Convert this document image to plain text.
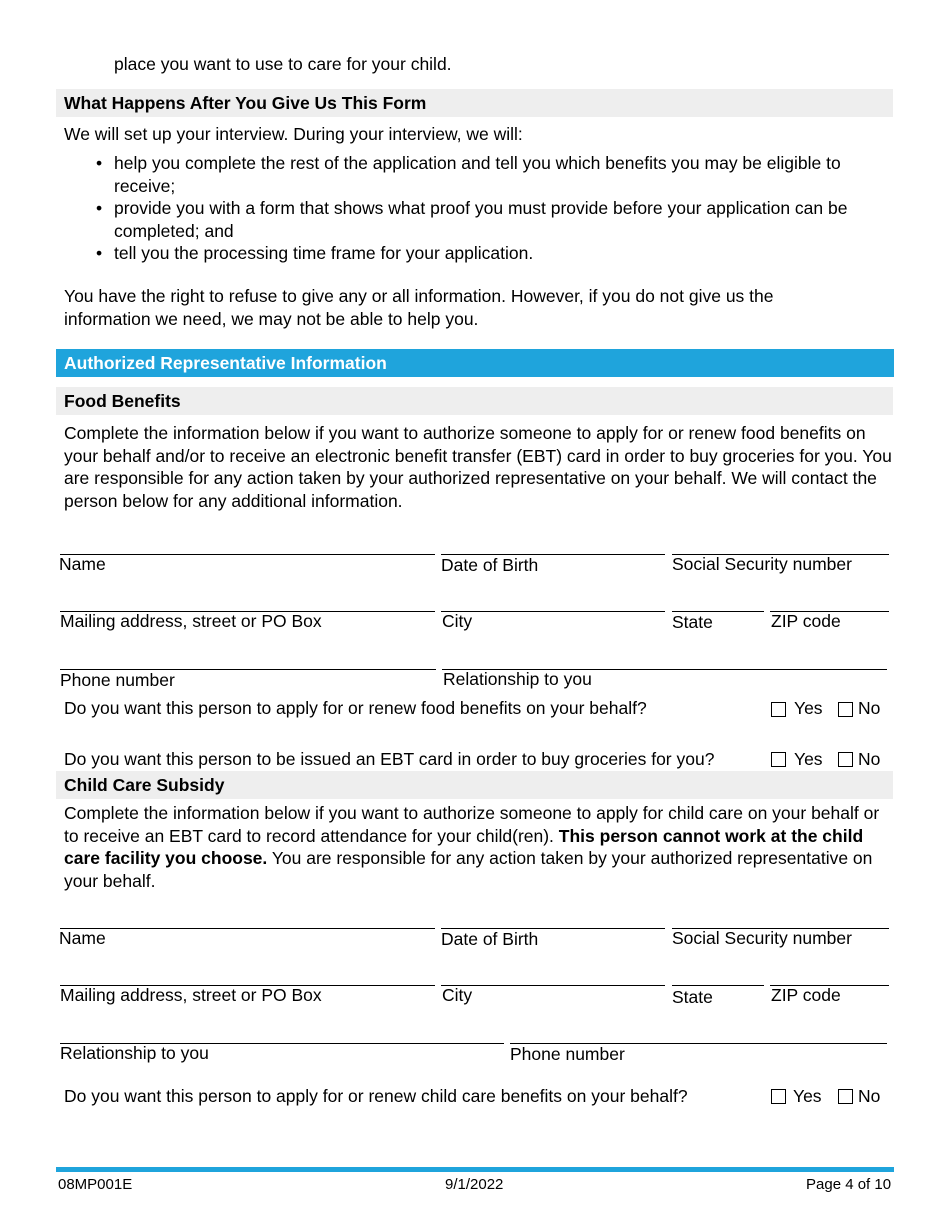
place you want to use to care for your child.
What Happens After You Give Us This Form
We will set up your interview. During your interview, we will:
• help you complete the rest of the application and tell you which benefits you may be eligible to receive;
• provide you with a form that shows what proof you must provide before your application can be completed; and
• tell you the processing time frame for your application.
You have the right to refuse to give any or all information. However, if you do not give us the information we need, we may not be able to help you.
Authorized Representative Information
Food Benefits
Complete the information below if you want to authorize someone to apply for or renew food benefits on your behalf and/or to receive an electronic benefit transfer (EBT) card in order to buy groceries for you. You are responsible for any action taken by your authorized representative on your behalf. We will contact the person below for any additional information.
Name	Date of Birth	Social Security number
Mailing address, street or PO Box	City	State	ZIP code
Phone number	Relationship to you
Do you want this person to apply for or renew food benefits on your behalf?	Yes No
Do you want this person to be issued an EBT card in order to buy groceries for you?	Yes No
Child Care Subsidy
Complete the information below if you want to authorize someone to apply for child care on your behalf or to receive an EBT card to record attendance for your child(ren). This person cannot work at the child care facility you choose. You are responsible for any action taken by your authorized representative on your behalf.
Name	Date of Birth	Social Security number
Mailing address, street or PO Box	City	State	ZIP code
Relationship to you	Phone number
Do you want this person to apply for or renew child care benefits on your behalf?	Yes No
08MP001E	9/1/2022	Page 4 of 10
